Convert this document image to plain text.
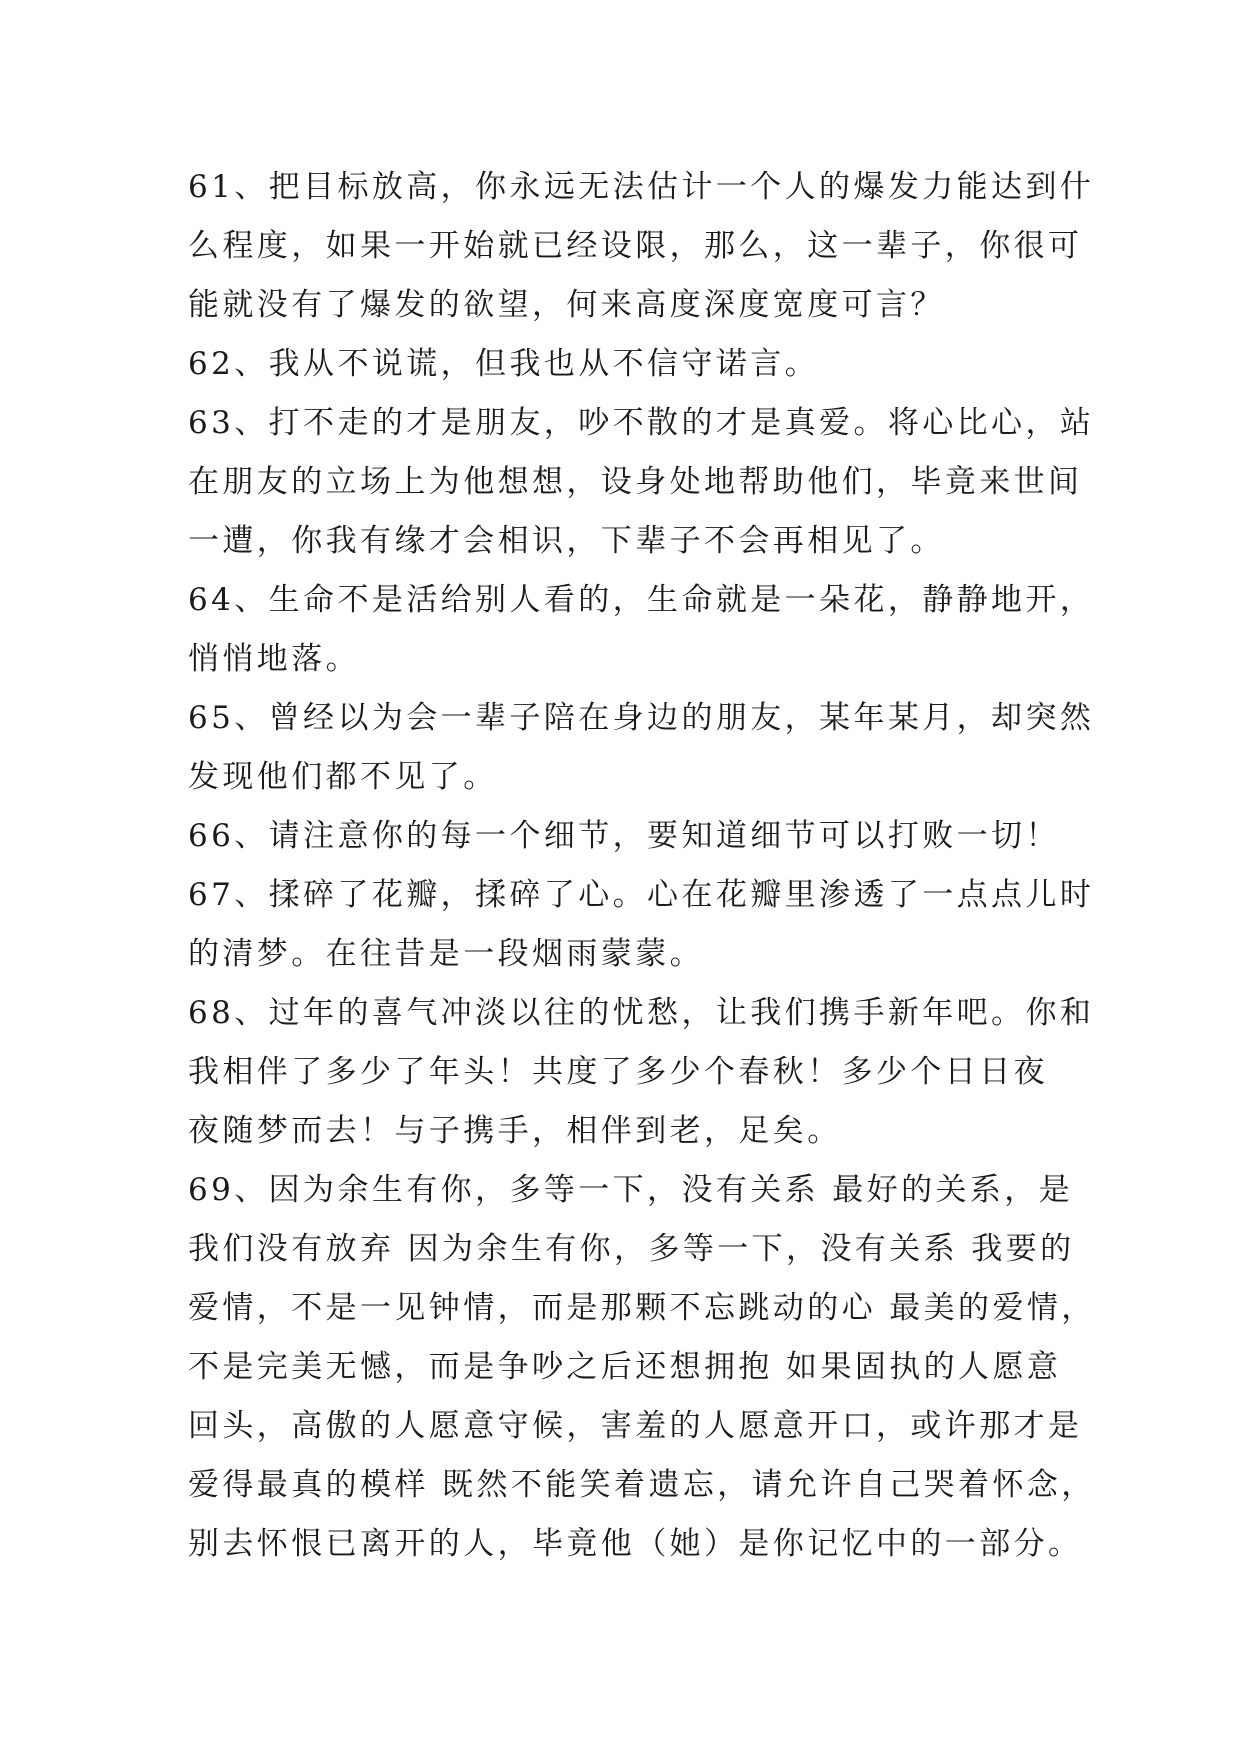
61、把目标放高，你永远无法估计一个人的爆发力能达到什
么程度，如果一开始就已经设限，那么，这一辈子，你很可
能就没有了爆发的欲望，何来高度深度宽度可言？
62、我从不说谎，但我也从不信守诺言。
63、打不走的才是朋友，吵不散的才是真爱。将心比心，站
在朋友的立场上为他想想，设身处地帮助他们，毕竟来世间
一遭，你我有缘才会相识，下辈子不会再相见了。
64、生命不是活给别人看的，生命就是一朵花，静静地开，
悄悄地落。
65、曾经以为会一辈子陪在身边的朋友，某年某月，却突然
发现他们都不见了。
66、请注意你的每一个细节，要知道细节可以打败一切！
67、揉碎了花瓣，揉碎了心。心在花瓣里渗透了一点点儿时
的清梦。在往昔是一段烟雨蒙蒙。
68、过年的喜气冲淡以往的忧愁，让我们携手新年吧。你和
我相伴了多少了年头！共度了多少个春秋！多少个日日夜
夜随梦而去！与子携手，相伴到老，足矣。
69、因为余生有你，多等一下，没有关系 最好的关系，是
我们没有放弃 因为余生有你，多等一下，没有关系 我要的
爱情，不是一见钟情，而是那颗不忘跳动的心 最美的爱情，
不是完美无憾，而是争吵之后还想拥抱 如果固执的人愿意
回头，高傲的人愿意守候，害羞的人愿意开口，或许那才是
爱得最真的模样 既然不能笑着遗忘，请允许自己哭着怀念，
别去怀恨已离开的人，毕竟他（她）是你记忆中的一部分。
